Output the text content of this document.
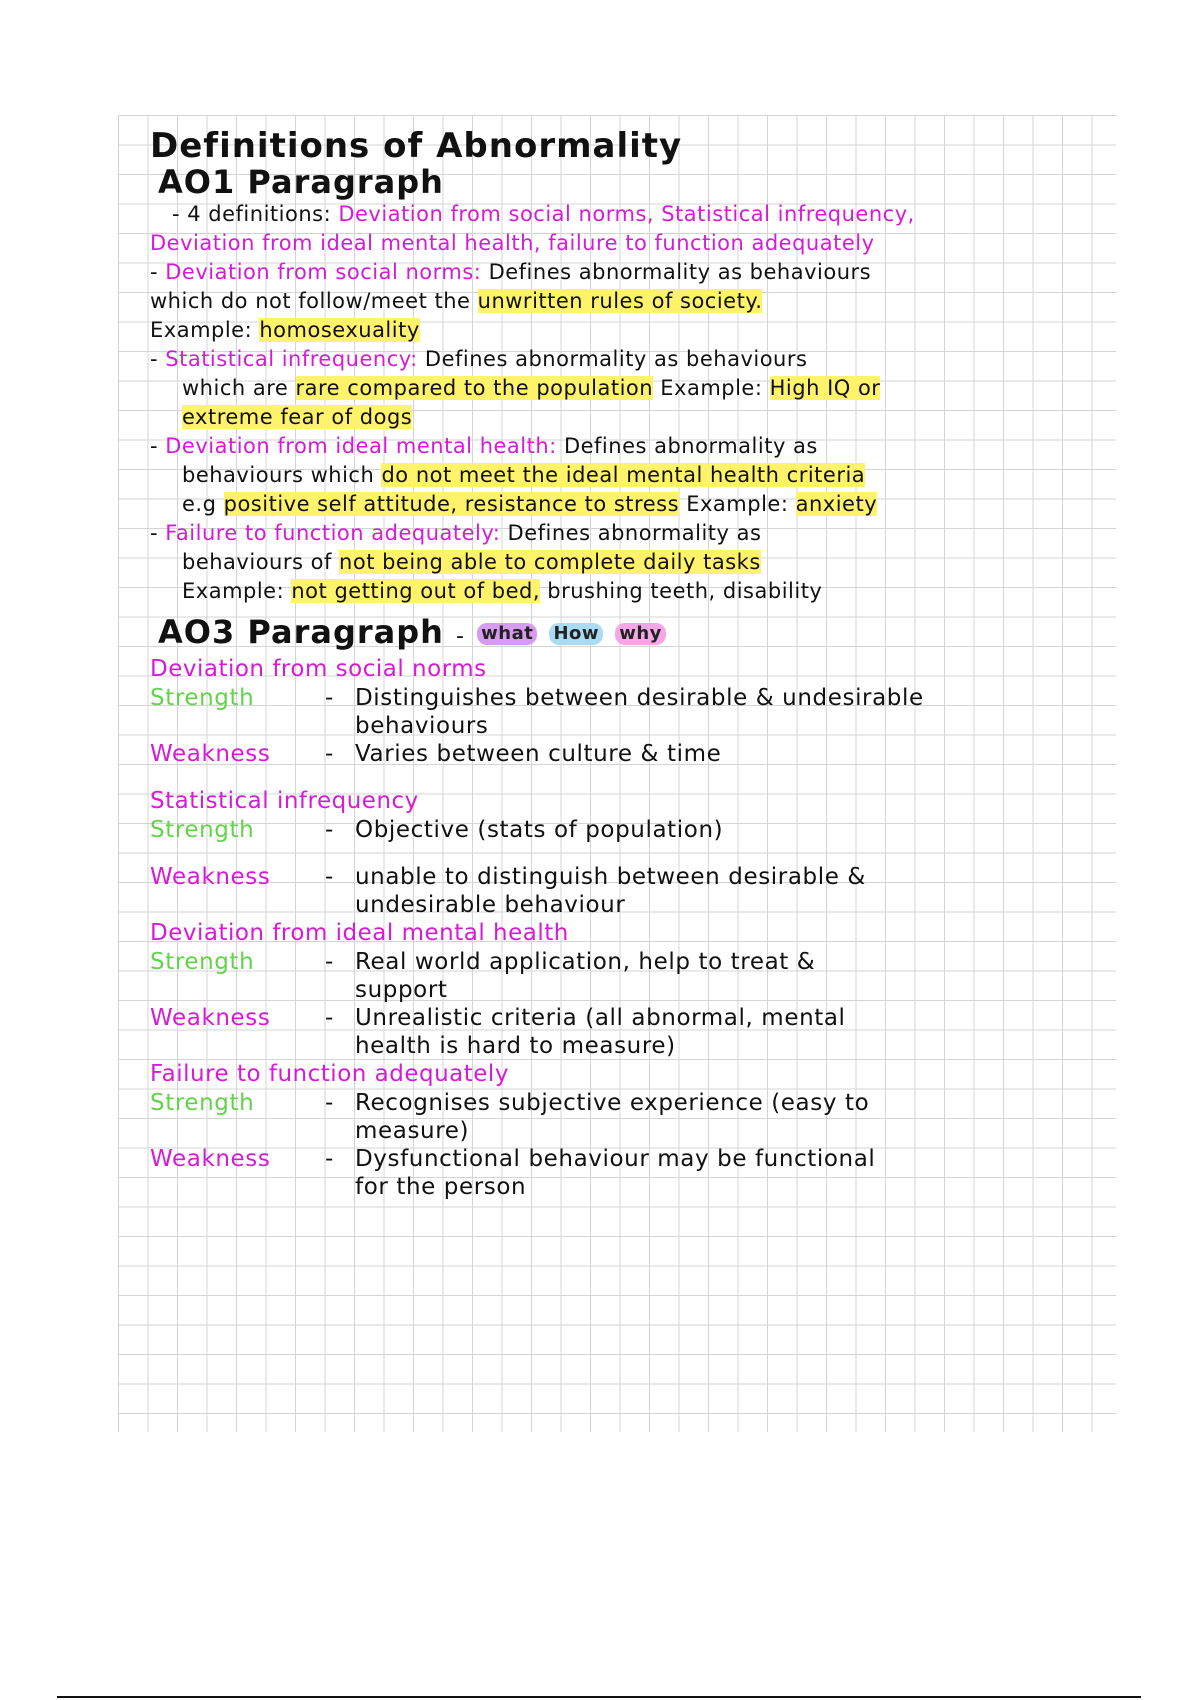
Definitions of Abnormality
AO1 Paragraph
- 4 definitions: Deviation from social norms, Statistical infrequency,
Deviation from ideal mental health, failure to function adequately
- Deviation from social norms: Defines abnormality as behaviours
which do not follow/meet the unwritten rules of society.
Example: homosexuality
- Statistical infrequency: Defines abnormality as behaviours
which are rare compared to the population Example: High IQ or
extreme fear of dogs
- Deviation from ideal mental health: Defines abnormality as
behaviours which do not meet the ideal mental health criteria
e.g positive self attitude, resistance to stress Example: anxiety
- Failure to function adequately: Defines abnormality as
behaviours of not being able to complete daily tasks
Example: not getting out of bed, brushing teeth, disability
AO3 Paragraph - what How why
Deviation from social norms
Strength	- Distinguishes between desirable & undesirable
behaviours
Weakness	- Varies between culture & time
Statistical infrequency
Strength	- Objective (stats of population)
Weakness	- unable to distinguish between desirable &
undesirable behaviour
Deviation from ideal mental health
Strength	- Real world application, help to treat &
support
Weakness	- Unrealistic criteria (all abnormal, mental
health is hard to measure)
Failure to function adequately
Strength	- Recognises subjective experience (easy to
measure)
Weakness	- Dysfunctional behaviour may be functional
for the person
